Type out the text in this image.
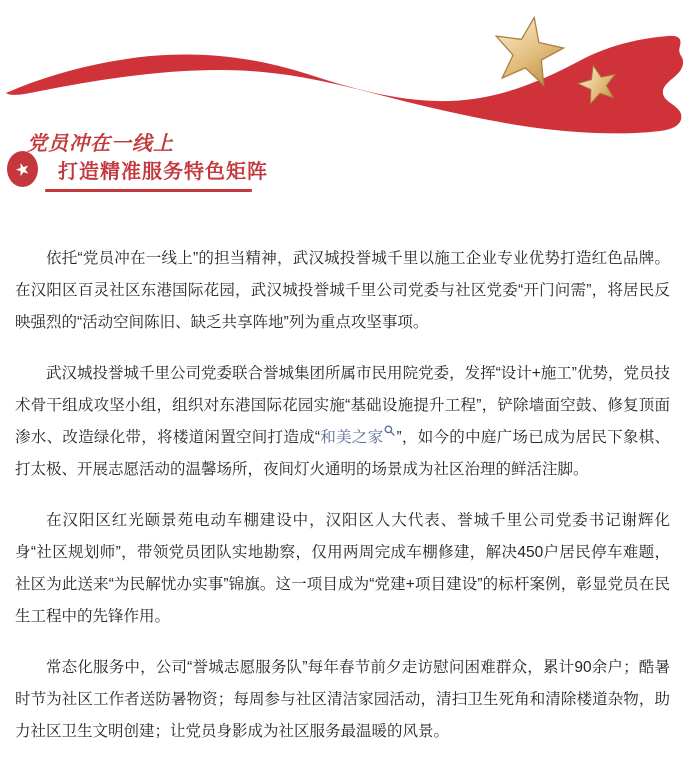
党员冲在一线上
★ 打造精准服务特色矩阵

依托“党员冲在一线上”的担当精神，武汉城投誉城千里以施工企业专业优势打造红色品牌。在汉阳区百灵社区东港国际花园，武汉城投誉城千里公司党委与社区党委“开门问需”，将居民反映强烈的“活动空间陈旧、缺乏共享阵地”列为重点攻坚事项。

武汉城投誉城千里公司党委联合誉城集团所属市民用院党委，发挥“设计+施工”优势，党员技术骨干组成攻坚小组，组织对东港国际花园实施“基础设施提升工程”，铲除墙面空鼓、修复顶面渗水、改造绿化带，将楼道闲置空间打造成“和美之家 ”，如今的中庭广场已成为居民下象棋、打太极、开展志愿活动的温馨场所，夜间灯火通明的场景成为社区治理的鲜活注脚。

在汉阳区红光颐景苑电动车棚建设中，汉阳区人大代表、誉城千里公司党委书记谢辉化身“社区规划师”，带领党员团队实地勘察，仅用两周完成车棚修建，解决450户居民停车难题，社区为此送来“为民解忧办实事”锦旗。这一项目成为“党建+项目建设”的标杆案例，彰显党员在民生工程中的先锋作用。

常态化服务中，公司“誉城志愿服务队”每年春节前夕走访慰问困难群众，累计90余户；酷暑时节为社区工作者送防暑物资；每周参与社区清洁家园活动，清扫卫生死角和清除楼道杂物，助力社区卫生文明创建；让党员身影成为社区服务最温暖的风景。
